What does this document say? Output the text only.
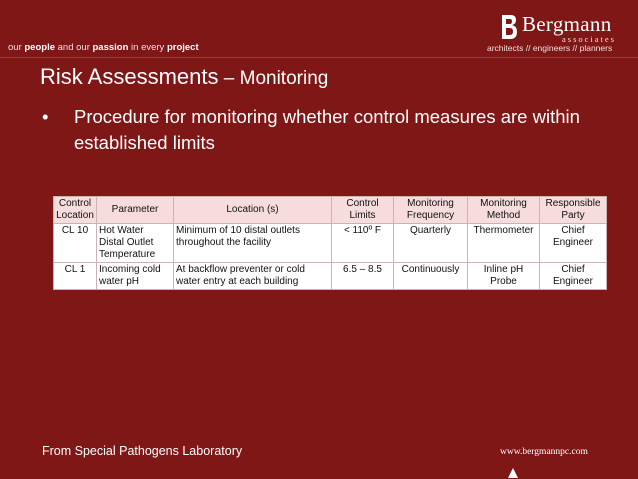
our people and our passion in every project
Bergmann
associates
architects // engineers // planners
Risk Assessments – Monitoring
•	Procedure for monitoring whether control measures are within established limits
Control Location	Parameter	Location (s)	Control Limits	Monitoring Frequency	Monitoring Method	Responsible Party
CL 10	Hot Water Distal Outlet Temperature	Minimum of 10 distal outlets throughout the facility	< 110º F	Quarterly	Thermometer	Chief Engineer
CL 1	Incoming cold water pH	At backflow preventer or cold water entry at each building	6.5 – 8.5	Continuously	Inline pH Probe	Chief Engineer
From Special Pathogens Laboratory	www.bergmannpc.com
